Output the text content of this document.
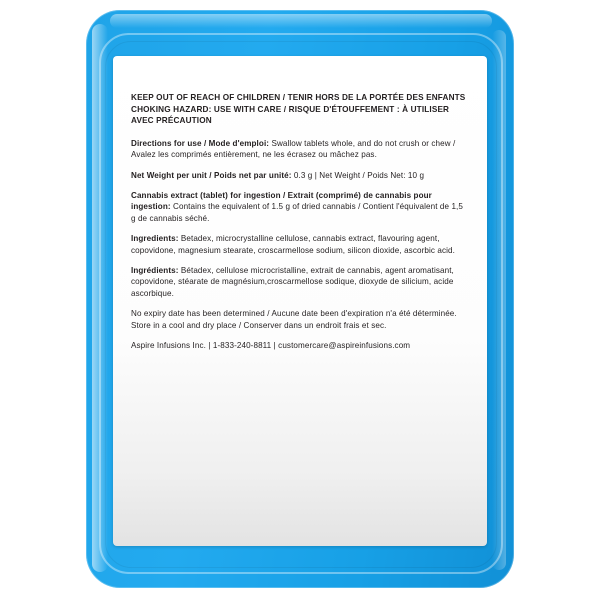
KEEP OUT OF REACH OF CHILDREN / TENIR HORS DE LA PORTÉE DES ENFANTS CHOKING HAZARD: USE WITH CARE / RISQUE D'ÉTOUFFEMENT : À UTILISER AVEC PRÉCAUTION

Directions for use / Mode d'emploi: Swallow tablets whole, and do not crush or chew / Avalez les comprimés entièrement, ne les écrasez ou mâchez pas.

Net Weight per unit / Poids net par unité: 0.3 g | Net Weight / Poids Net: 10 g

Cannabis extract (tablet) for ingestion / Extrait (comprimé) de cannabis pour ingestion: Contains the equivalent of 1.5 g of dried cannabis / Contient l'équivalent de 1,5 g de cannabis séché.

Ingredients: Betadex, microcrystalline cellulose, cannabis extract, flavouring agent, copovidone, magnesium stearate, croscarmellose sodium, silicon dioxide, ascorbic acid.

Ingrédients: Bétadex, cellulose microcristalline, extrait de cannabis, agent aromatisant, copovidone, stéarate de magnésium,croscarmellose sodique, dioxyde de silicium, acide ascorbique.

No expiry date has been determined / Aucune date been d'expiration n'a été déterminée. Store in a cool and dry place / Conserver dans un endroit frais et sec.

Aspire Infusions Inc. | 1-833-240-8811 | customercare@aspireinfusions.com
